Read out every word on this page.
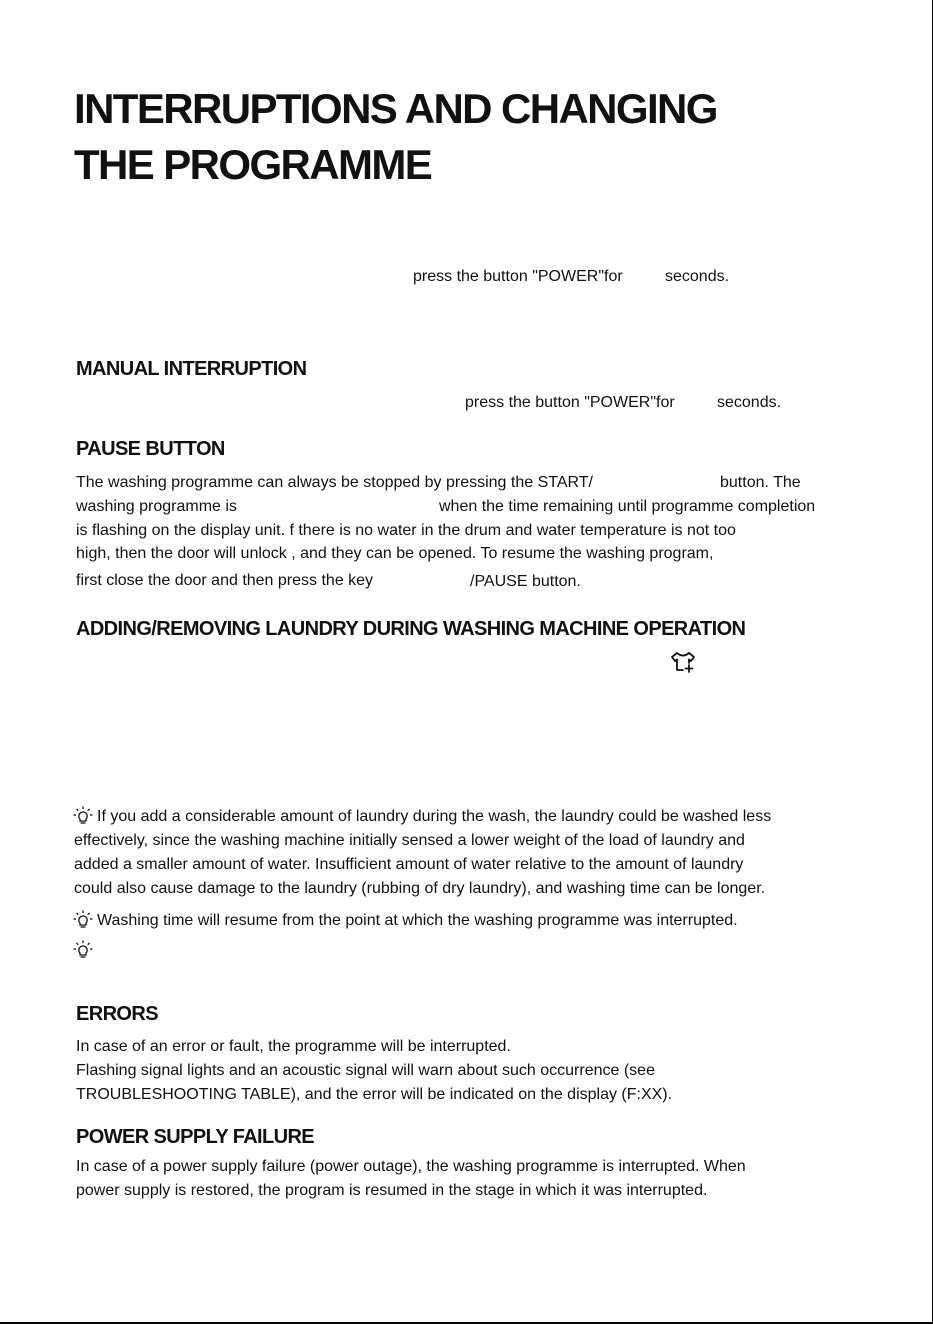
INTERRUPTIONS AND CHANGING
THE PROGRAMME
press the button "POWER"for	seconds.
MANUAL INTERRUPTION
press the button "POWER"for	seconds.
PAUSE BUTTON
The washing programme can always be stopped by pressing the START/	button. The
washing programme is	when the time remaining until programme completion
is flashing on the display unit. f there is no water in the drum and water temperature is not too
high, then the door will unlock , and they can be opened. To resume the washing program,
first close the door and then press the key	/PAUSE button.
ADDING/REMOVING LAUNDRY DURING WASHING MACHINE OPERATION
If you add a considerable amount of laundry during the wash, the laundry could be washed less
effectively, since the washing machine initially sensed a lower weight of the load of laundry and
added a smaller amount of water. Insufficient amount of water relative to the amount of laundry
could also cause damage to the laundry (rubbing of dry laundry), and washing time can be longer.
Washing time will resume from the point at which the washing programme was interrupted.
ERRORS
In case of an error or fault, the programme will be interrupted.
Flashing signal lights and an acoustic signal will warn about such occurrence (see
TROUBLESHOOTING TABLE), and the error will be indicated on the display (F:XX).
POWER SUPPLY FAILURE
In case of a power supply failure (power outage), the washing programme is interrupted. When
power supply is restored, the program is resumed in the stage in which it was interrupted.
